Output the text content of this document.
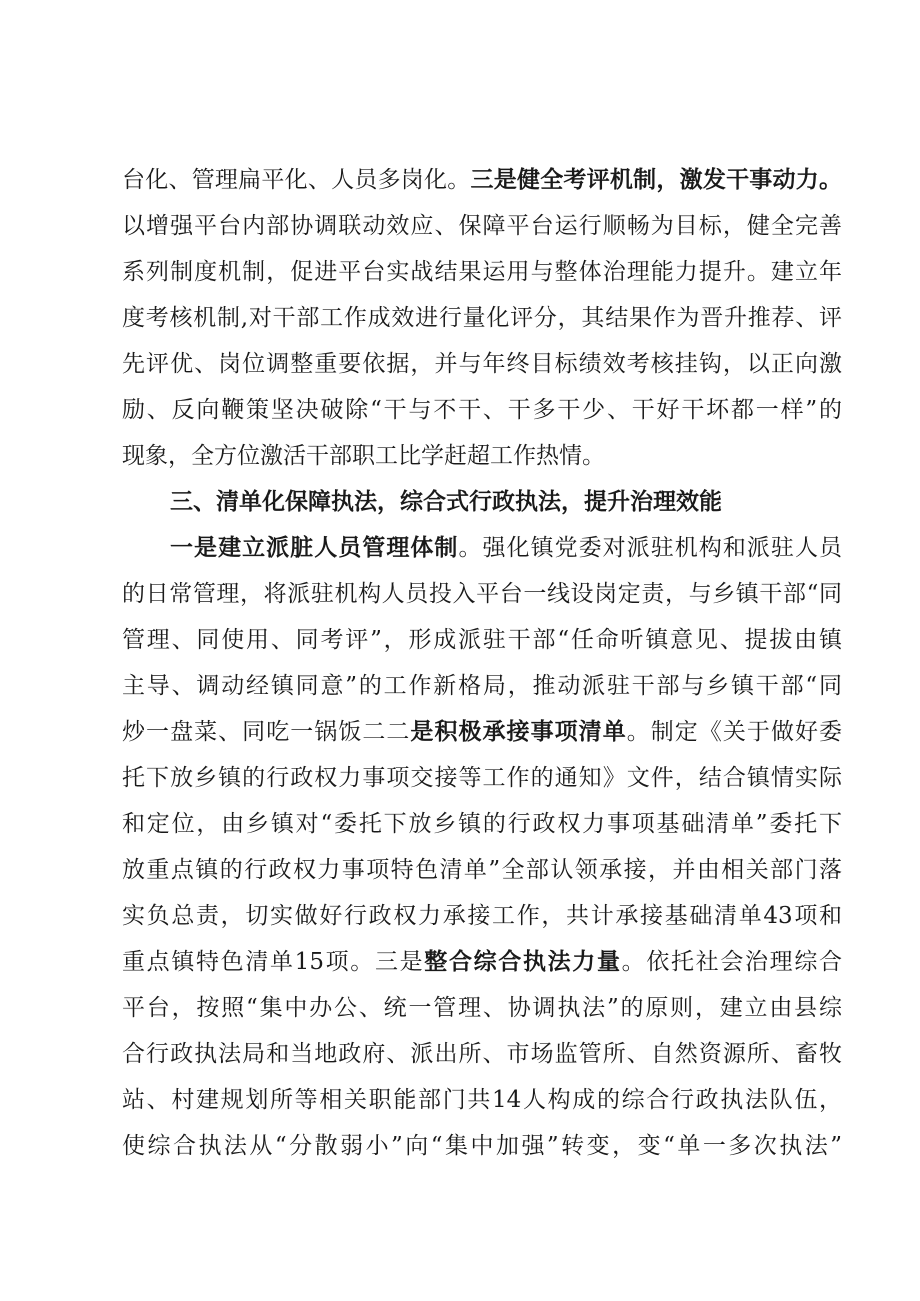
台化、管理扁平化、人员多岗化。三是健全考评机制，激发干事动力。
以增强平台内部协调联动效应、保障平台运行顺畅为目标，健全完善
系列制度机制，促进平台实战结果运用与整体治理能力提升。建立年
度考核机制,对干部工作成效进行量化评分，其结果作为晋升推荐、评
先评优、岗位调整重要依据，并与年终目标绩效考核挂钩，以正向激
励、反向鞭策坚决破除“干与不干、干多干少、干好干坏都一样”的
现象，全方位激活干部职工比学赶超工作热情。
三、清单化保障执法，综合式行政执法，提升治理效能
一是建立派脏人员管理体制。强化镇党委对派驻机构和派驻人员
的日常管理，将派驻机构人员投入平台一线设岗定责，与乡镇干部“同
管理、同使用、同考评”，形成派驻干部“任命听镇意见、提拔由镇
主导、调动经镇同意”的工作新格局，推动派驻干部与乡镇干部“同
炒一盘菜、同吃一锅饭二二是积极承接事项清单。制定《关于做好委
托下放乡镇的行政权力事项交接等工作的通知》文件，结合镇情实际
和定位，由乡镇对“委托下放乡镇的行政权力事项基础清单”委托下
放重点镇的行政权力事项特色清单”全部认领承接，并由相关部门落
实负总责，切实做好行政权力承接工作，共计承接基础清单43项和
重点镇特色清单15项。三是整合综合执法力量。依托社会治理综合
平台，按照“集中办公、统一管理、协调执法”的原则，建立由县综
合行政执法局和当地政府、派出所、市场监管所、自然资源所、畜牧
站、村建规划所等相关职能部门共14人构成的综合行政执法队伍，
使综合执法从“分散弱小”向“集中加强”转变，变“单一多次执法”
